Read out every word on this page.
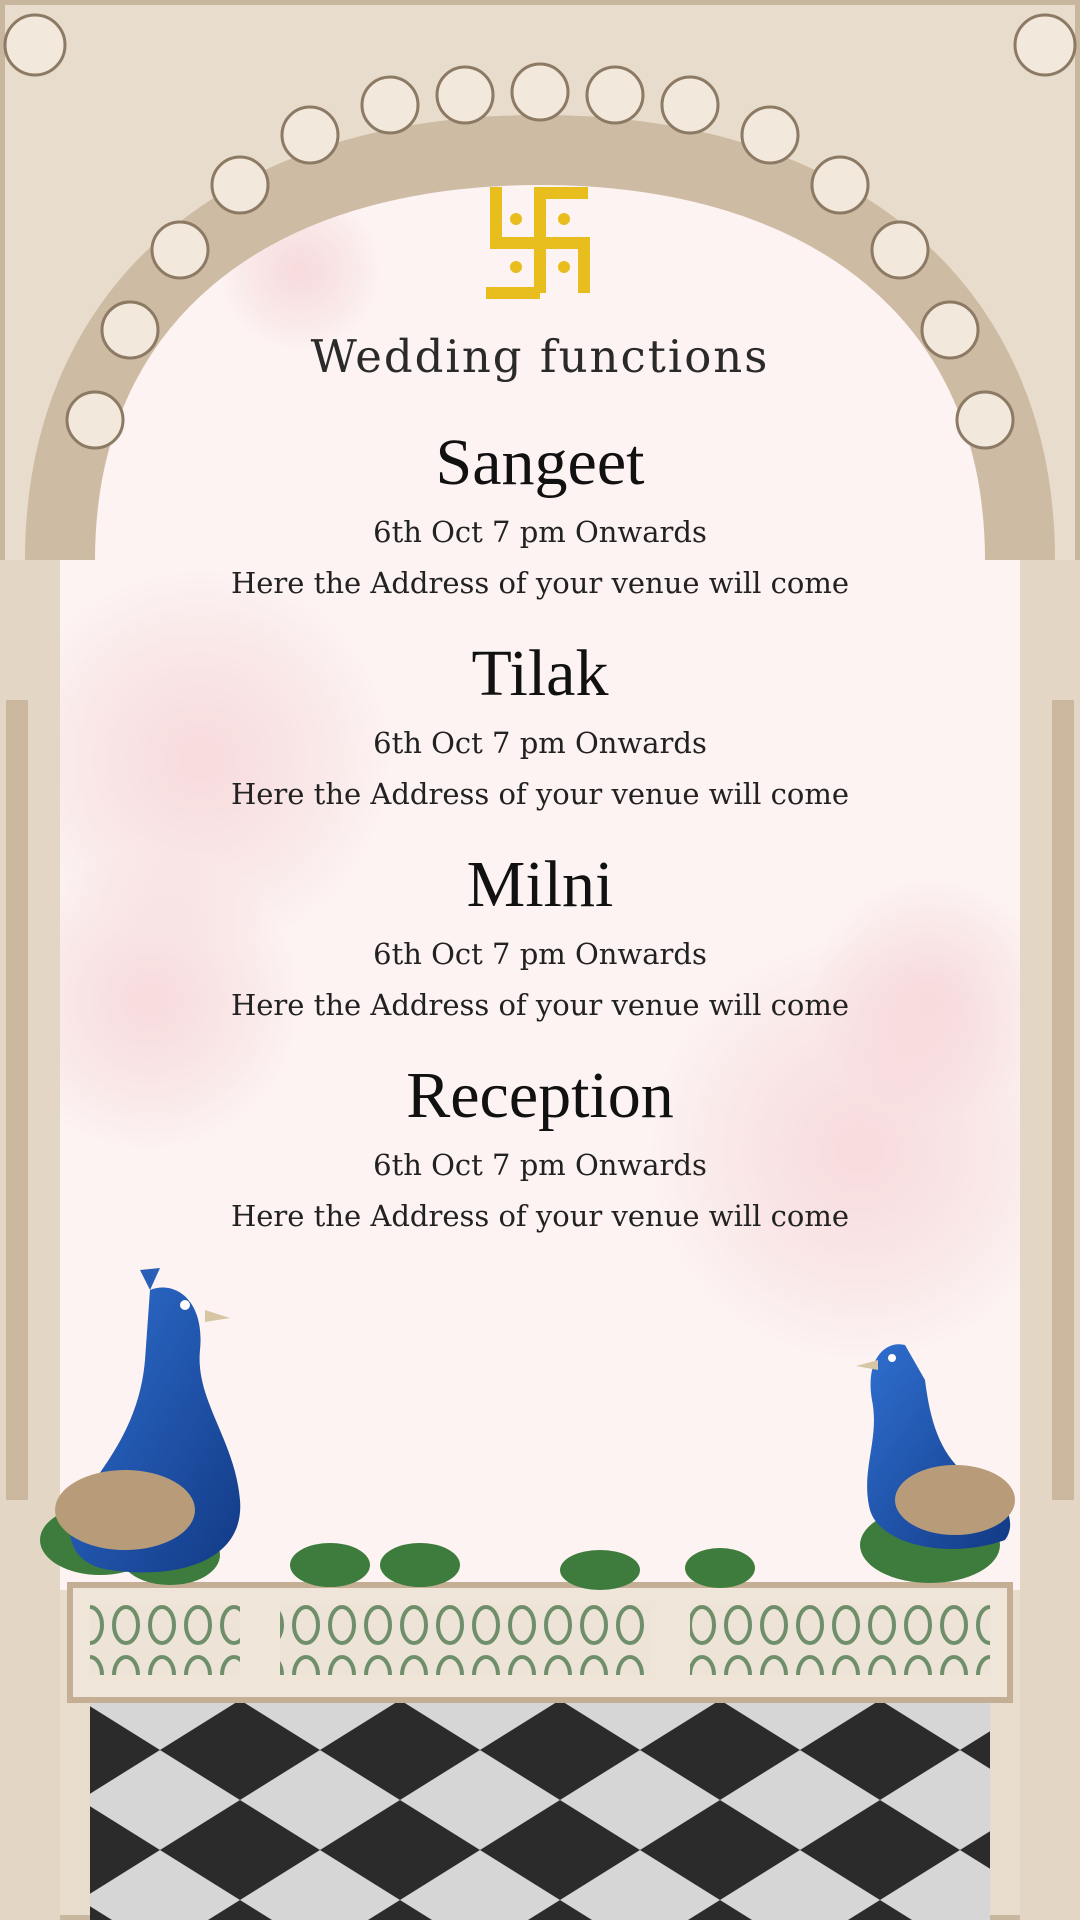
Wedding functions
Sangeet
6th Oct 7 pm Onwards
Here the Address of your venue will come
Tilak
6th Oct 7 pm Onwards
Here the Address of your venue will come
Milni
6th Oct 7 pm Onwards
Here the Address of your venue will come
Reception
6th Oct 7 pm Onwards
Here the Address of your venue will come
